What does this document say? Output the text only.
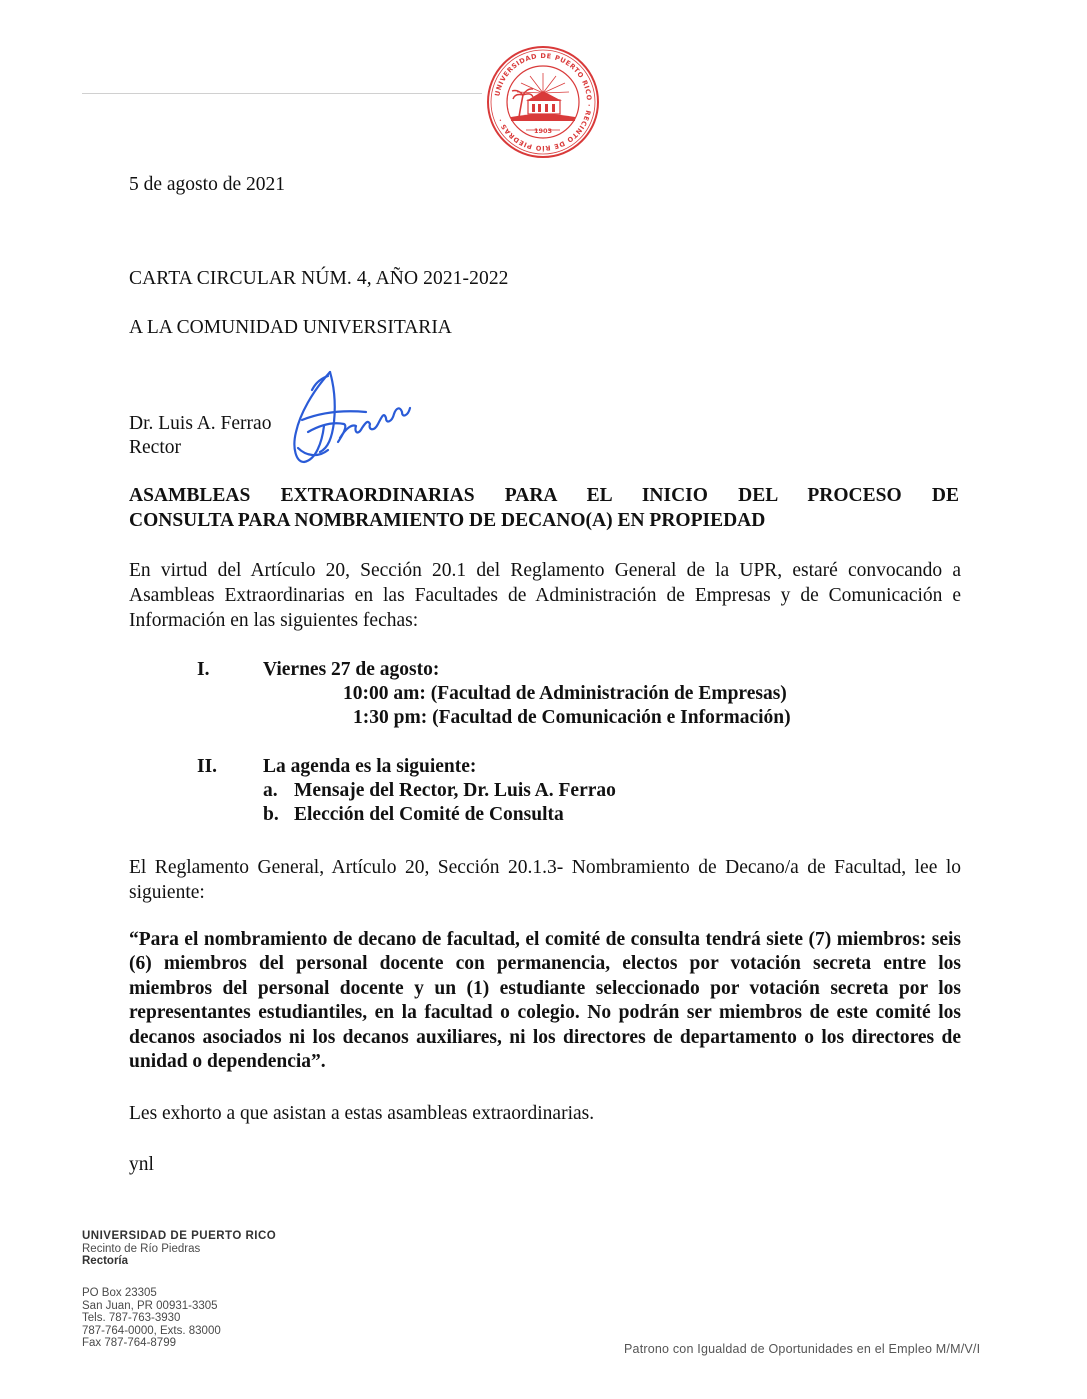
UNIVERSIDAD DE PUERTO RICO · RECINTO DE RÍO PIEDRAS ·
1903
5 de agosto de 2021
CARTA CIRCULAR NÚM. 4, AÑO 2021-2022
A LA COMUNIDAD UNIVERSITARIA
Dr. Luis A. Ferrao
Rector
ASAMBLEAS EXTRAORDINARIAS PARA EL INICIO DEL PROCESO DE
CONSULTA PARA NOMBRAMIENTO DE DECANO(A) EN PROPIEDAD
En virtud del Artículo 20, Sección 20.1 del Reglamento General de la UPR, estaré convocando a Asambleas Extraordinarias en las Facultades de Administración de Empresas y de Comunicación e Información en las siguientes fechas:
I.	Viernes 27 de agosto:
10:00 am: (Facultad de Administración de Empresas)
1:30 pm: (Facultad de Comunicación e Información)
II. La agenda es la siguiente:
a. Mensaje del Rector, Dr. Luis A. Ferrao
b. Elección del Comité de Consulta
El Reglamento General, Artículo 20, Sección 20.1.3- Nombramiento de Decano/a de Facultad, lee lo siguiente:
“Para el nombramiento de decano de facultad, el comité de consulta tendrá siete (7) miembros: seis (6) miembros del personal docente con permanencia, electos por votación secreta entre los miembros del personal docente y un (1) estudiante seleccionado por votación secreta por los representantes estudiantiles, en la facultad o colegio. No podrán ser miembros de este comité los decanos asociados ni los decanos auxiliares, ni los directores de departamento o los directores de unidad o dependencia”.
Les exhorto a que asistan a estas asambleas extraordinarias.
ynl
UNIVERSIDAD DE PUERTO RICO
Recinto de Río Piedras
Rectoría
PO Box 23305
San Juan, PR 00931-3305
Tels. 787-763-3930
787-764-0000, Exts. 83000
Fax 787-764-8799	Patrono con Igualdad de Oportunidades en el Empleo M/M/V/I
